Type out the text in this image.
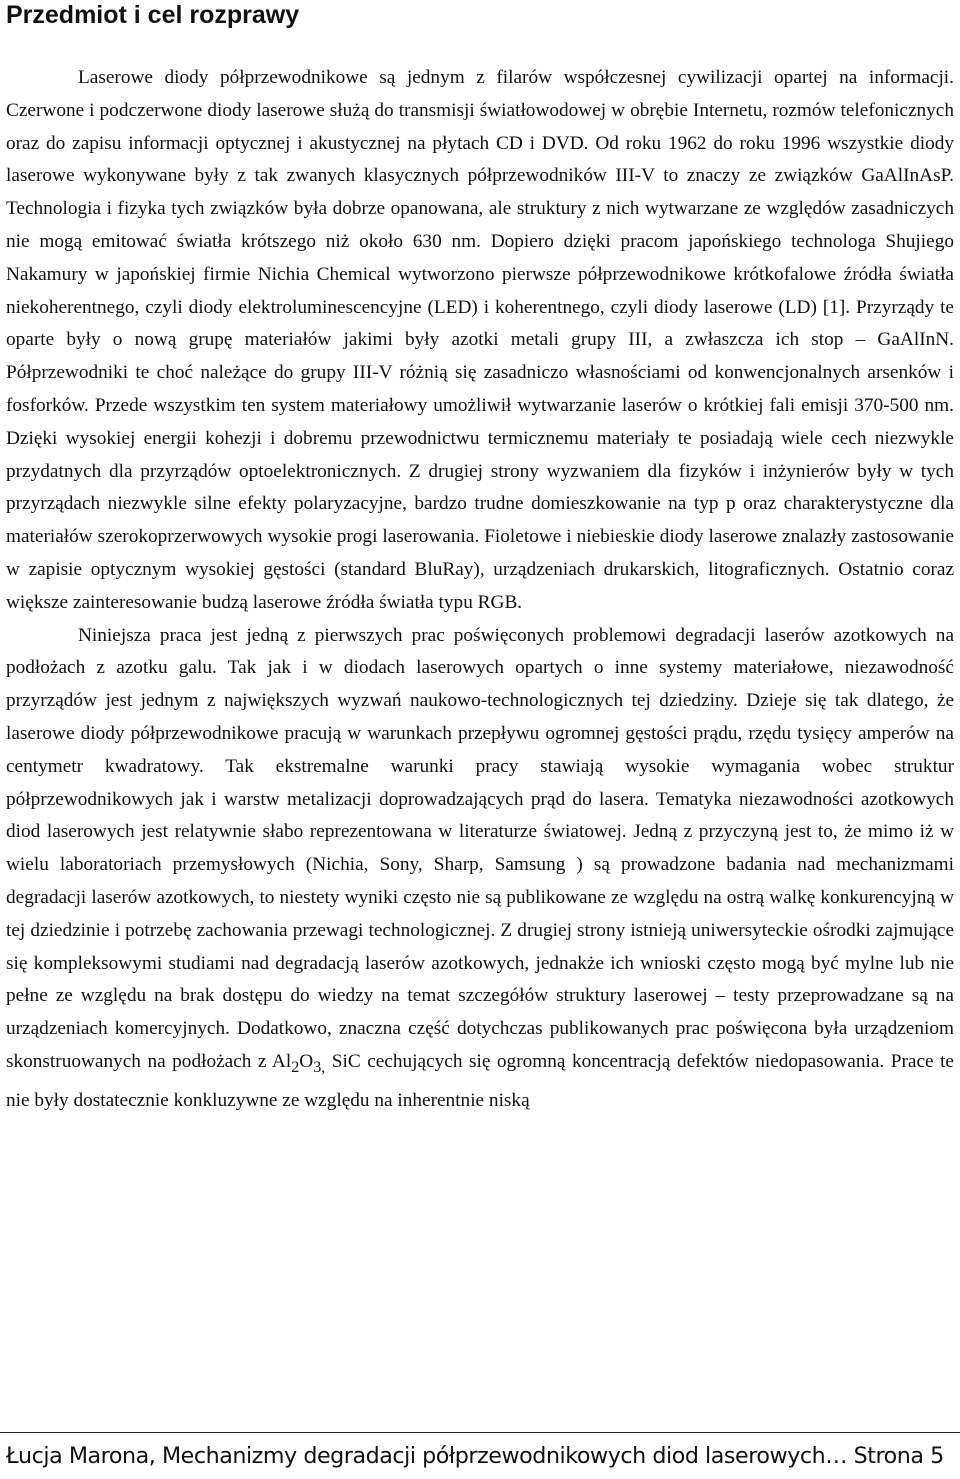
Przedmiot i cel rozprawy

Laserowe diody półprzewodnikowe są jednym z filarów współczesnej cywilizacji opartej na informacji. Czerwone i podczerwone diody laserowe służą do transmisji światłowodowej w obrębie Internetu, rozmów telefonicznych oraz do zapisu informacji optycznej i akustycznej na płytach CD i DVD. Od roku 1962 do roku 1996 wszystkie diody laserowe wykonywane były z tak zwanych klasycznych półprzewodników III-V to znaczy ze związków GaAlInAsP. Technologia i fizyka tych związków była dobrze opanowana, ale struktury z nich wytwarzane ze względów zasadniczych nie mogą emitować światła krótszego niż około 630 nm. Dopiero dzięki pracom japońskiego technologa Shujiego Nakamury w japońskiej firmie Nichia Chemical wytworzono pierwsze półprzewodnikowe krótkofalowe źródła światła niekoherentnego, czyli diody elektroluminescencyjne (LED) i koherentnego, czyli diody laserowe (LD) [1]. Przyrządy te oparte były o nową grupę materiałów jakimi były azotki metali grupy III, a zwłaszcza ich stop – GaAlInN. Półprzewodniki te choć należące do grupy III-V różnią się zasadniczo własnościami od konwencjonalnych arsenków i fosforków. Przede wszystkim ten system materiałowy umożliwił wytwarzanie laserów o krótkiej fali emisji 370-500 nm. Dzięki wysokiej energii kohezji i dobremu przewodnictwu termicznemu materiały te posiadają wiele cech niezwykle przydatnych dla przyrządów optoelektronicznych. Z drugiej strony wyzwaniem dla fizyków i inżynierów były w tych przyrządach niezwykle silne efekty polaryzacyjne, bardzo trudne domieszkowanie na typ p oraz charakterystyczne dla materiałów szerokoprzerwowych wysokie progi laserowania. Fioletowe i niebieskie diody laserowe znalazły zastosowanie w zapisie optycznym wysokiej gęstości (standard BluRay), urządzeniach drukarskich, litograficznych. Ostatnio coraz większe zainteresowanie budzą laserowe źródła światła typu RGB.

Niniejsza praca jest jedną z pierwszych prac poświęconych problemowi degradacji laserów azotkowych na podłożach z azotku galu. Tak jak i w diodach laserowych opartych o inne systemy materiałowe, niezawodność przyrządów jest jednym z największych wyzwań naukowo-technologicznych tej dziedziny. Dzieje się tak dlatego, że laserowe diody półprzewodnikowe pracują w warunkach przepływu ogromnej gęstości prądu, rzędu tysięcy amperów na centymetr kwadratowy. Tak ekstremalne warunki pracy stawiają wysokie wymagania wobec struktur półprzewodnikowych jak i warstw metalizacji doprowadzających prąd do lasera. Tematyka niezawodności azotkowych diod laserowych jest relatywnie słabo reprezentowana w literaturze światowej. Jedną z przyczyną jest to, że mimo iż w wielu laboratoriach przemysłowych (Nichia, Sony, Sharp, Samsung ) są prowadzone badania nad mechanizmami degradacji laserów azotkowych, to niestety wyniki często nie są publikowane ze względu na ostrą walkę konkurencyjną w tej dziedzinie i potrzebę zachowania przewagi technologicznej. Z drugiej strony istnieją uniwersyteckie ośrodki zajmujące się kompleksowymi studiami nad degradacją laserów azotkowych, jednakże ich wnioski często mogą być mylne lub nie pełne ze względu na brak dostępu do wiedzy na temat szczegółów struktury laserowej – testy przeprowadzane są na urządzeniach komercyjnych. Dodatkowo, znaczna część dotychczas publikowanych prac poświęcona była urządzeniom skonstruowanych na podłożach z $Al_2O_{3,}$ SiC cechujących się ogromną koncentracją defektów niedopasowania. Prace te nie były dostatecznie konkluzywne ze względu na inherentnie niską

Łucja Marona, Mechanizmy degradacji półprzewodnikowych diod laserowych… Strona 5
